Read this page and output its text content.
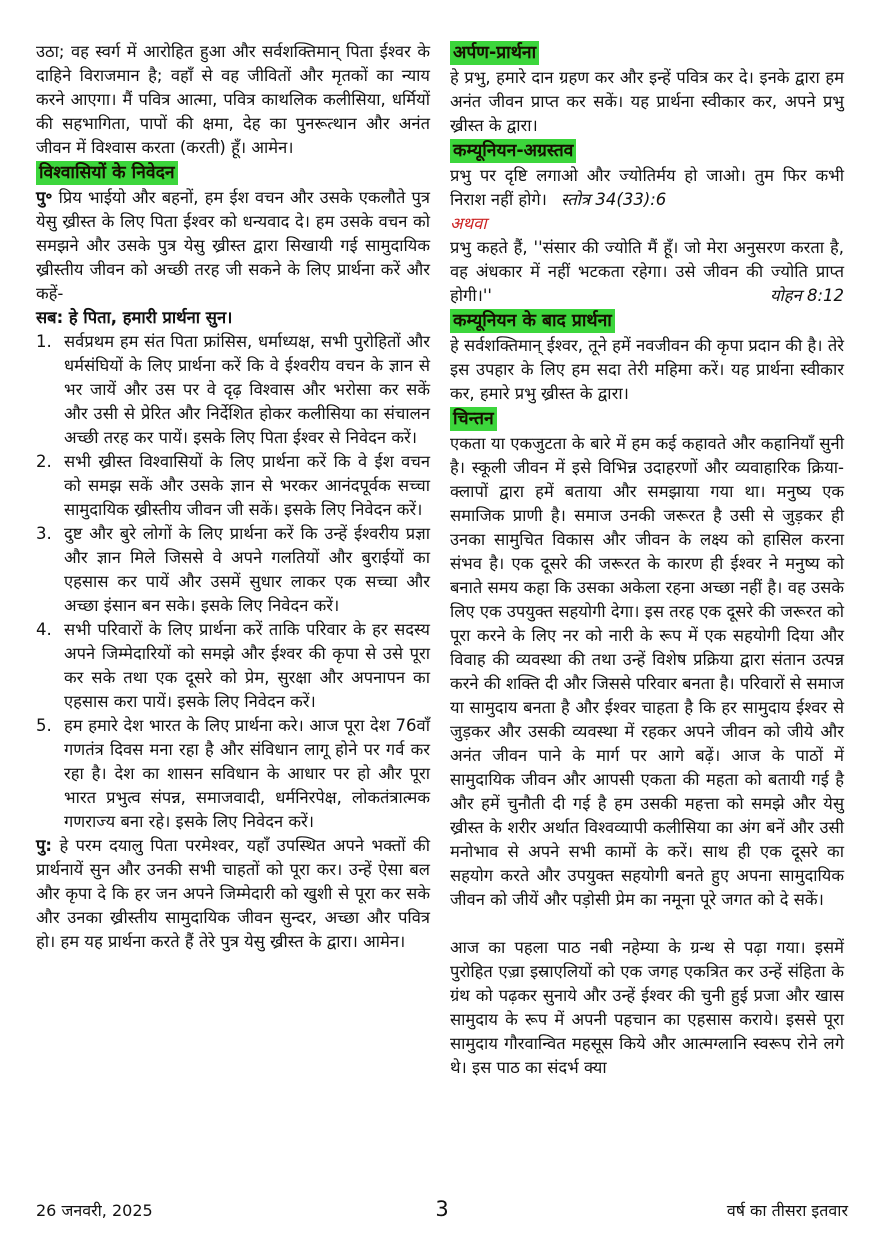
उठा; वह स्वर्ग में आरोहित हुआ और सर्वशक्तिमान् पिता ईश्वर के दाहिने विराजमान है; वहाँ से वह जीवितों और मृतकों का न्याय करने आएगा। मैं पवित्र आत्मा, पवित्र काथलिक कलीसिया, धर्मियों की सहभागिता, पापों की क्षमा, देह का पुनरूत्थान और अनंत जीवन में विश्वास करता (करती) हूँ। आमेन।

विश्वासियों के निवेदन

पु॰ प्रिय भाईयो और बहनों, हम ईश वचन और उसके एकलौते पुत्र येसु ख्रीस्त के लिए पिता ईश्वर को धन्यवाद दे। हम उसके वचन को समझने और उसके पुत्र येसु ख्रीस्त द्वारा सिखायी गई सामुदायिक ख्रीस्तीय जीवन को अच्छी तरह जी सकने के लिए प्रार्थना करें और कहें-

सब: हे पिता, हमारी प्रार्थना सुन।

1. सर्वप्रथम हम संत पिता फ्रांसिस, धर्माध्यक्ष, सभी पुरोहितों और धर्मसंघियों के लिए प्रार्थना करें कि वे ईश्वरीय वचन के ज्ञान से भर जायें और उस पर वे दृढ़ विश्वास और भरोसा कर सकें और उसी से प्रेरित और निर्देशित होकर कलीसिया का संचालन अच्छी तरह कर पायें। इसके लिए पिता ईश्वर से निवेदन करें।
2. सभी ख्रीस्त विश्वासियों के लिए प्रार्थना करें कि वे ईश वचन को समझ सकें और उसके ज्ञान से भरकर आनंदपूर्वक सच्चा सामुदायिक ख्रीस्तीय जीवन जी सकें। इसके लिए निवेदन करें।
3. दुष्ट और बुरे लोगों के लिए प्रार्थना करें कि उन्हें ईश्वरीय प्रज्ञा और ज्ञान मिले जिससे वे अपने गलतियों और बुराईयों का एहसास कर पायें और उसमें सुधार लाकर एक सच्चा और अच्छा इंसान बन सके। इसके लिए निवेदन करें।
4. सभी परिवारों के लिए प्रार्थना करें ताकि परिवार के हर सदस्य अपने जिम्मेदारियों को समझे और ईश्वर की कृपा से उसे पूरा कर सके तथा एक दूसरे को प्रेम, सुरक्षा और अपनापन का एहसास करा पायें। इसके लिए निवेदन करें।
5. हम हमारे देश भारत के लिए प्रार्थना करे। आज पूरा देश 76वाँ गणतंत्र दिवस मना रहा है और संविधान लागू होने पर गर्व कर रहा है। देश का शासन सविधान के आधार पर हो और पूरा भारत प्रभुत्व संपन्न, समाजवादी, धर्मनिरपेक्ष, लोकतंत्रात्मक गणराज्य बना रहे। इसके लिए निवेदन करें।

पु: हे परम दयालु पिता परमेश्वर, यहाँ उपस्थित अपने भक्तों की प्रार्थनायें सुन और उनकी सभी चाहतों को पूरा कर। उन्हें ऐसा बल और कृपा दे कि हर जन अपने जिम्मेदारी को खुशी से पूरा कर सके और उनका ख्रीस्तीय सामुदायिक जीवन सुन्दर, अच्छा और पवित्र हो। हम यह प्रार्थना करते हैं तेरे पुत्र येसु ख्रीस्त के द्वारा। आमेन।

अर्पण-प्रार्थना

हे प्रभु, हमारे दान ग्रहण कर और इन्हें पवित्र कर दे। इनके द्वारा हम अनंत जीवन प्राप्त कर सकें। यह प्रार्थना स्वीकार कर, अपने प्रभु ख्रीस्त के द्वारा।

कम्यूनियन-अग्रस्तव

प्रभु पर दृष्टि लगाओ और ज्योतिर्मय हो जाओ। तुम फिर कभी निराश नहीं होगे। स्तोत्र 34(33):6

अथवा

प्रभु कहते हैं, ''संसार की ज्योति मैं हूँ। जो मेरा अनुसरण करता है, वह अंधकार में नहीं भटकता रहेगा। उसे जीवन की ज्योति प्राप्त होगी।''	योहन 8:12

कम्यूनियन के बाद प्रार्थना

हे सर्वशक्तिमान् ईश्वर, तूने हमें नवजीवन की कृपा प्रदान की है। तेरे इस उपहार के लिए हम सदा तेरी महिमा करें। यह प्रार्थना स्वीकार कर, हमारे प्रभु ख्रीस्त के द्वारा।

चिन्तन

एकता या एकजुटता के बारे में हम कई कहावते और कहानियाँ सुनी है। स्कूली जीवन में इसे विभिन्न उदाहरणों और व्यवाहारिक क्रिया-क्लापों द्वारा हमें बताया और समझाया गया था। मनुष्य एक समाजिक प्राणी है। समाज उनकी जरूरत है उसी से जुड़कर ही उनका सामुचित विकास और जीवन के लक्ष्य को हासिल करना संभव है। एक दूसरे की जरूरत के कारण ही ईश्वर ने मनुष्य को बनाते समय कहा कि उसका अकेला रहना अच्छा नहीं है। वह उसके लिए एक उपयुक्त सहयोगी देगा। इस तरह एक दूसरे की जरूरत को पूरा करने के लिए नर को नारी के रूप में एक सहयोगी दिया और विवाह की व्यवस्था की तथा उन्हें विशेष प्रक्रिया द्वारा संतान उत्पन्न करने की शक्ति दी और जिससे परिवार बनता है। परिवारों से समाज या सामुदाय बनता है और ईश्वर चाहता है कि हर सामुदाय ईश्वर से जुड़कर और उसकी व्यवस्था में रहकर अपने जीवन को जीये और अनंत जीवन पाने के मार्ग पर आगे बढ़ें। आज के पाठों में सामुदायिक जीवन और आपसी एकता की महता को बतायी गई है और हमें चुनौती दी गई है हम उसकी महत्ता को समझे और येसु ख्रीस्त के शरीर अर्थात विश्वव्यापी कलीसिया का अंग बनें और उसी मनोभाव से अपने सभी कामों के करें। साथ ही एक दूसरे का सहयोग करते और उपयुक्त सहयोगी बनते हुए अपना सामुदायिक जीवन को जीयें और पड़ोसी प्रेम का नमूना पूरे जगत को दे सकें।

आज का पहला पाठ नबी नहेम्या के ग्रन्थ से पढ़ा गया। इसमें पुरोहित एज़्रा इस्राएलियों को एक जगह एकत्रित कर उन्हें संहिता के ग्रंथ को पढ़कर सुनाये और उन्हें ईश्वर की चुनी हुई प्रजा और खास सामुदाय के रूप में अपनी पहचान का एहसास कराये। इससे पूरा सामुदाय गौरवान्वित महसूस किये और आत्मग्लानि स्वरूप रोने लगे थे। इस पाठ का संदर्भ क्या

26 जनवरी, 2025	3	वर्ष का तीसरा इतवार
